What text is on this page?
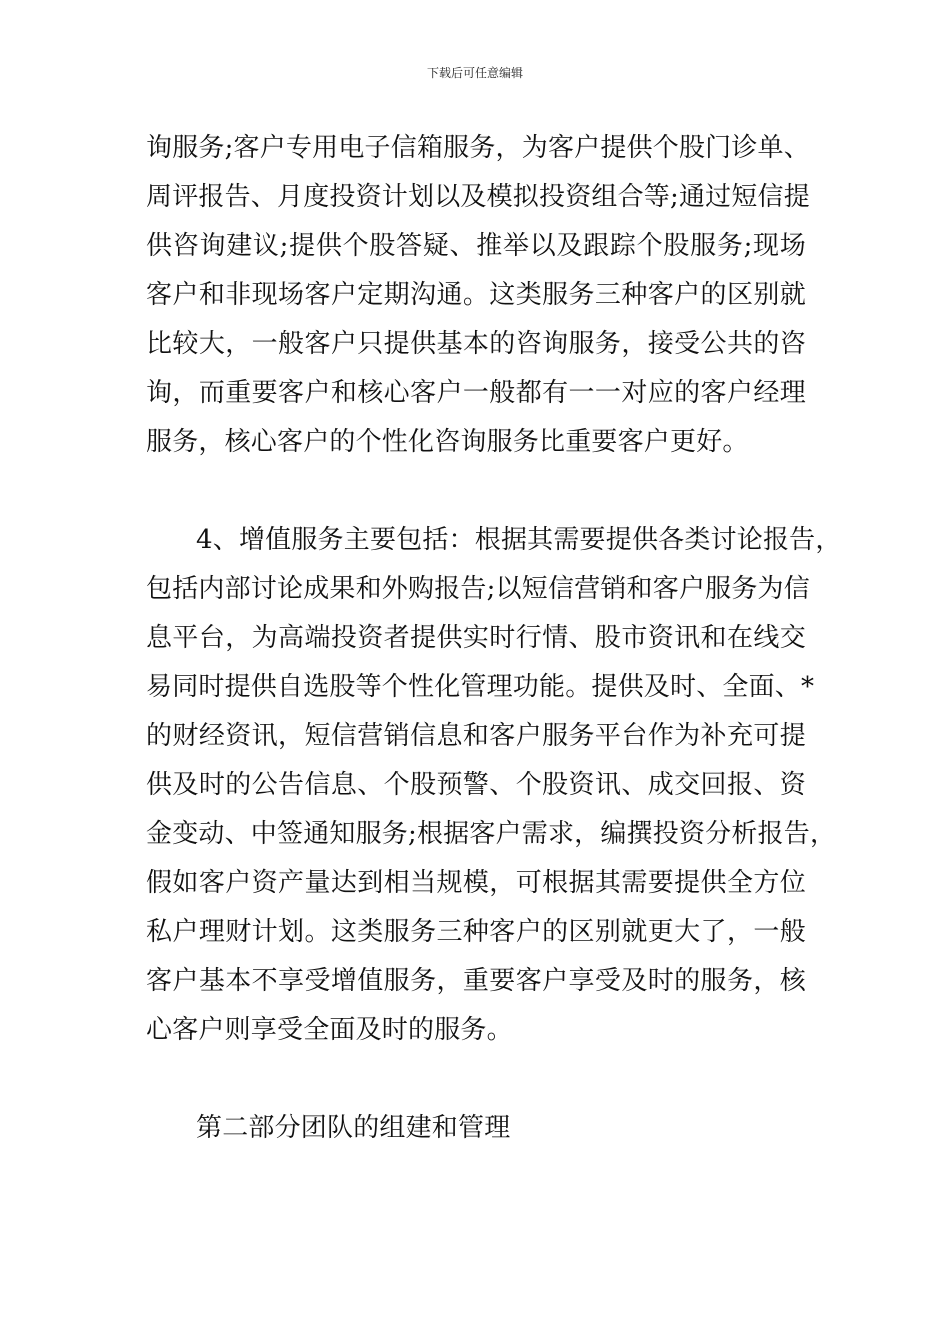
下载后可任意编辑
询服务;客户专用电子信箱服务，为客户提供个股门诊单、
周评报告、月度投资计划以及模拟投资组合等;通过短信提
供咨询建议;提供个股答疑、推举以及跟踪个股服务;现场
客户和非现场客户定期沟通。这类服务三种客户的区别就
比较大，一般客户只提供基本的咨询服务，接受公共的咨
询，而重要客户和核心客户一般都有一一对应的客户经理
服务，核心客户的个性化咨询服务比重要客户更好。
4、增值服务主要包括：根据其需要提供各类讨论报告，
包括内部讨论成果和外购报告;以短信营销和客户服务为信
息平台，为高端投资者提供实时行情、股市资讯和在线交
易同时提供自选股等个性化管理功能。提供及时、全面、*
的财经资讯，短信营销信息和客户服务平台作为补充可提
供及时的公告信息、个股预警、个股资讯、成交回报、资
金变动、中签通知服务;根据客户需求，编撰投资分析报告，
假如客户资产量达到相当规模，可根据其需要提供全方位
私户理财计划。这类服务三种客户的区别就更大了，一般
客户基本不享受增值服务，重要客户享受及时的服务，核
心客户则享受全面及时的服务。
第二部分团队的组建和管理
